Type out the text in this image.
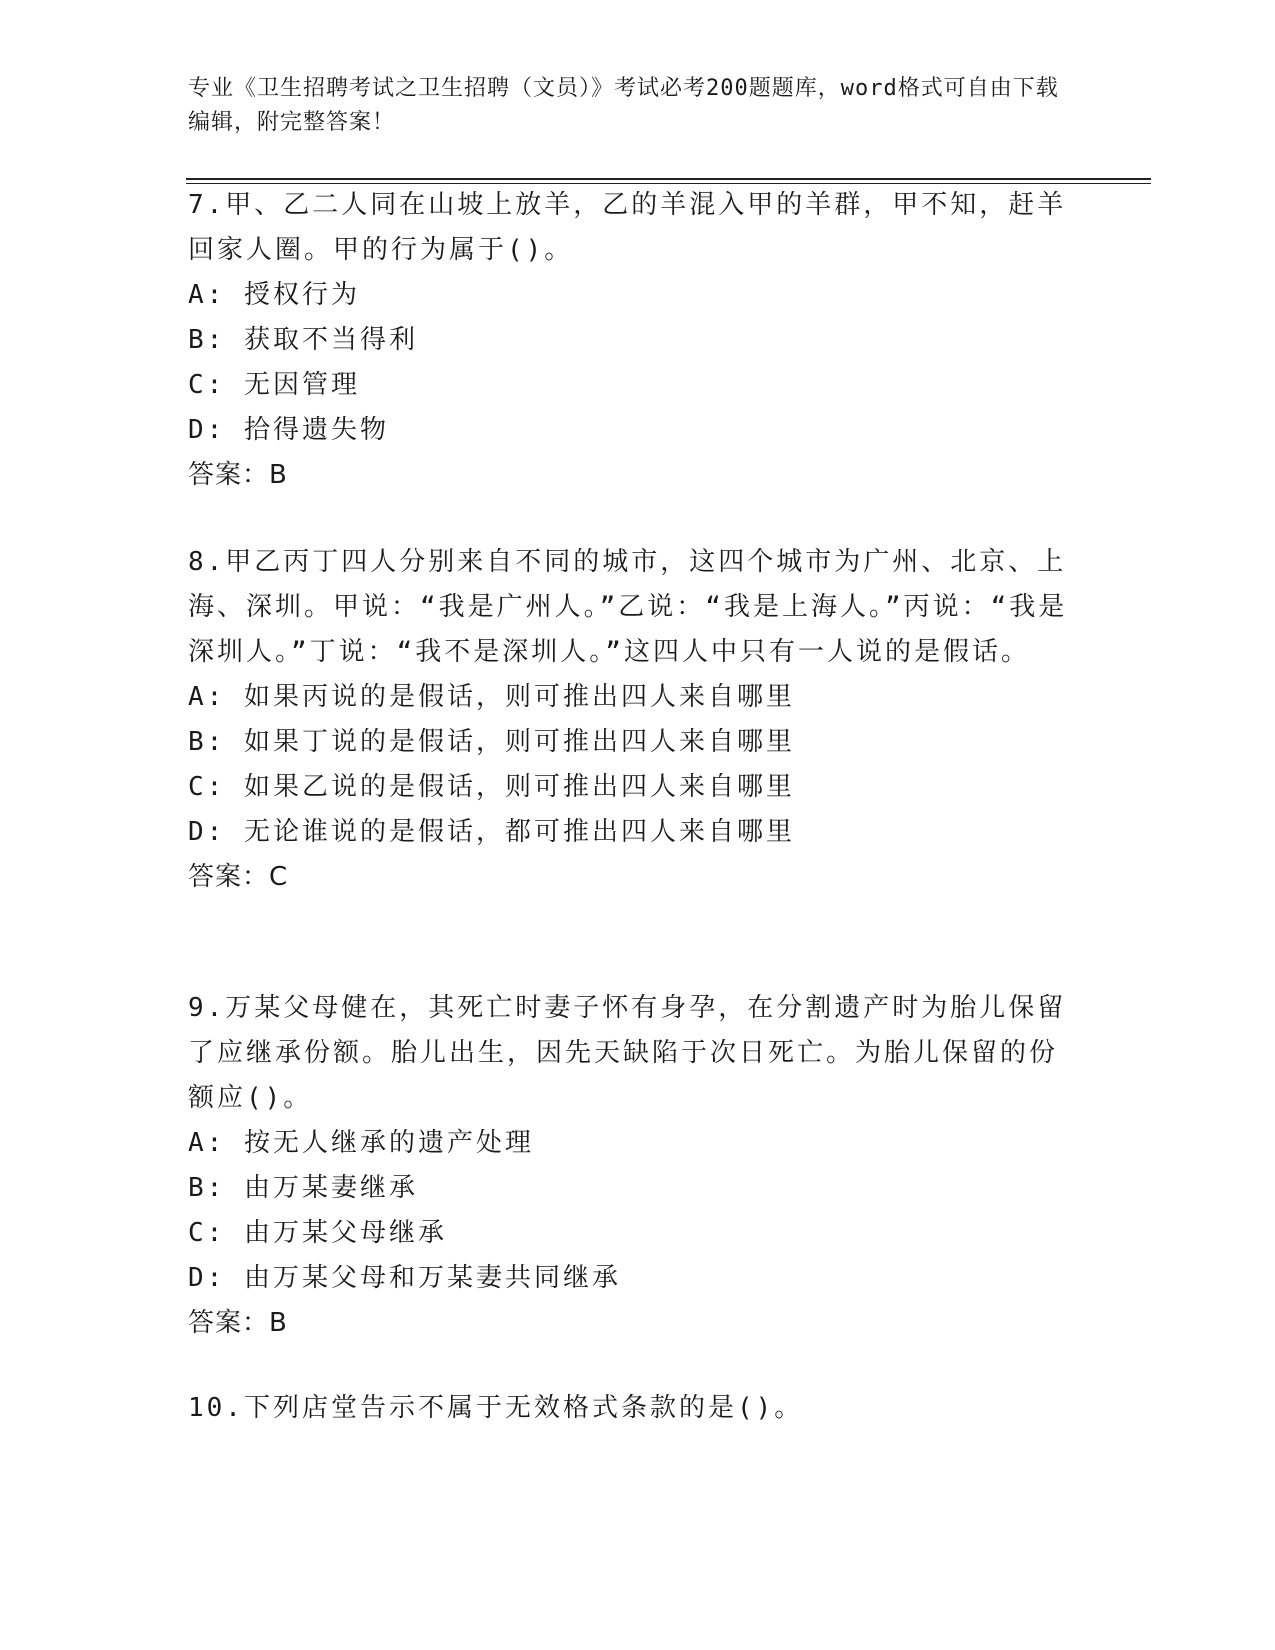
专业《卫生招聘考试之卫生招聘（文员）》考试必考200题题库，word格式可自由下载编辑，附完整答案！
7.甲、乙二人同在山坡上放羊，乙的羊混入甲的羊群，甲不知，赶羊回家人圈。甲的行为属于()。
A: 授权行为
B: 获取不当得利
C: 无因管理
D: 拾得遗失物
答案：B
8.甲乙丙丁四人分别来自不同的城市，这四个城市为广州、北京、上海、深圳。甲说：“我是广州人。”乙说：“我是上海人。”丙说：“我是深圳人。”丁说：“我不是深圳人。”这四人中只有一人说的是假话。
A: 如果丙说的是假话，则可推出四人来自哪里
B: 如果丁说的是假话，则可推出四人来自哪里
C: 如果乙说的是假话，则可推出四人来自哪里
D: 无论谁说的是假话，都可推出四人来自哪里
答案：C
9.万某父母健在，其死亡时妻子怀有身孕，在分割遗产时为胎儿保留了应继承份额。胎儿出生，因先天缺陷于次日死亡。为胎儿保留的份额应()。
A: 按无人继承的遗产处理
B: 由万某妻继承
C: 由万某父母继承
D: 由万某父母和万某妻共同继承
答案：B
10.下列店堂告示不属于无效格式条款的是()。
